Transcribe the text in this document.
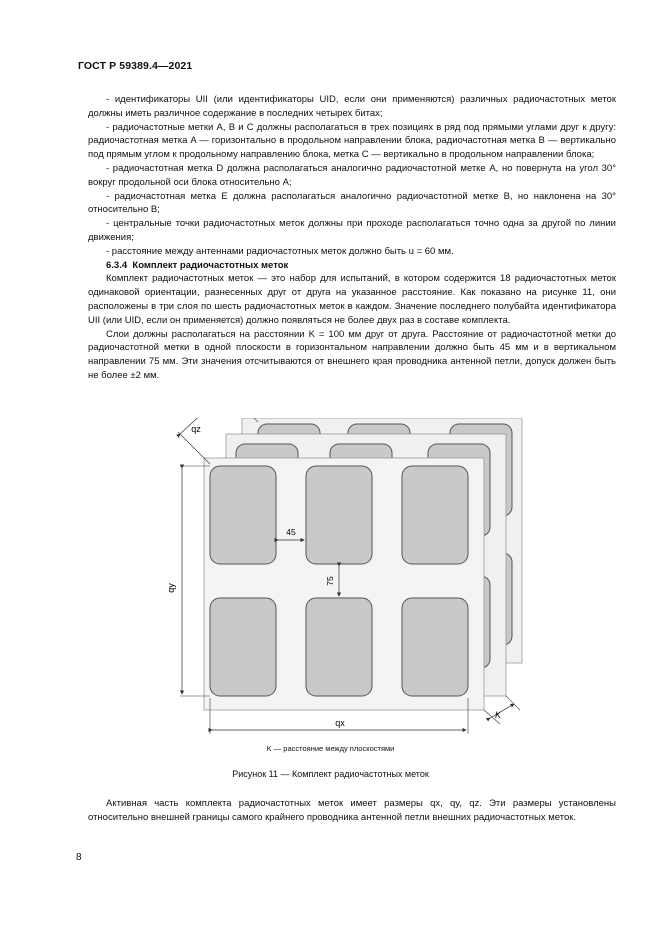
ГОСТ Р 59389.4—2021

- идентификаторы UII (или идентификаторы UID, если они применяются) различных радиочастотных меток должны иметь различное содержание в последних четырех битах;

- радиочастотные метки A, B и C должны располагаться в трех позициях в ряд под прямыми углами друг к другу: радиочастотная метка A — горизонтально в продольном направлении блока, радиочастотная метка B — вертикально под прямым углом к продольному направлению блока, метка C — вертикально в продольном направлении блока;

- радиочастотная метка D должна располагаться аналогично радиочастотной метке A, но повернута на угол 30° вокруг продольной оси блока относительно A;

- радиочастотная метка E должна располагаться аналогично радиочастотной метке B, но наклонена на 30° относительно B;

- центральные точки радиочастотных меток должны при проходе располагаться точно одна за другой по линии движения;

- расстояние между антеннами радиочастотных меток должно быть u = 60 мм.

6.3.4 Комплект радиочастотных меток

Комплект радиочастотных меток — это набор для испытаний, в котором содержится 18 радиочастотных меток одинаковой ориентации, разнесенных друг от друга на указанное расстояние. Как показано на рисунке 11, они расположены в три слоя по шесть радиочастотных меток в каждом. Значение последнего полубайта идентификатора UII (или UID, если он применяется) должно появляться не более двух раз в составе комплекта.

Слои должны располагаться на расстоянии K = 100 мм друг от друга. Расстояние от радиочастотной метки до радиочастотной метки в одной плоскости в горизонтальном направлении должно быть 45 мм и в вертикальном направлении 75 мм. Эти значения отсчитываются от внешнего края проводника антенной петли, допуск должен быть не более ±2 мм.

qy
qx
qz
K
45
75
K — расстояние между плоскостями
Рисунок 11 — Комплект радиочастотных меток

Активная часть комплекта радиочастотных меток имеет размеры qx, qy, qz. Эти размеры установлены относительно внешней границы самого крайнего проводника антенной петли внешних радиочастотных меток.

8
